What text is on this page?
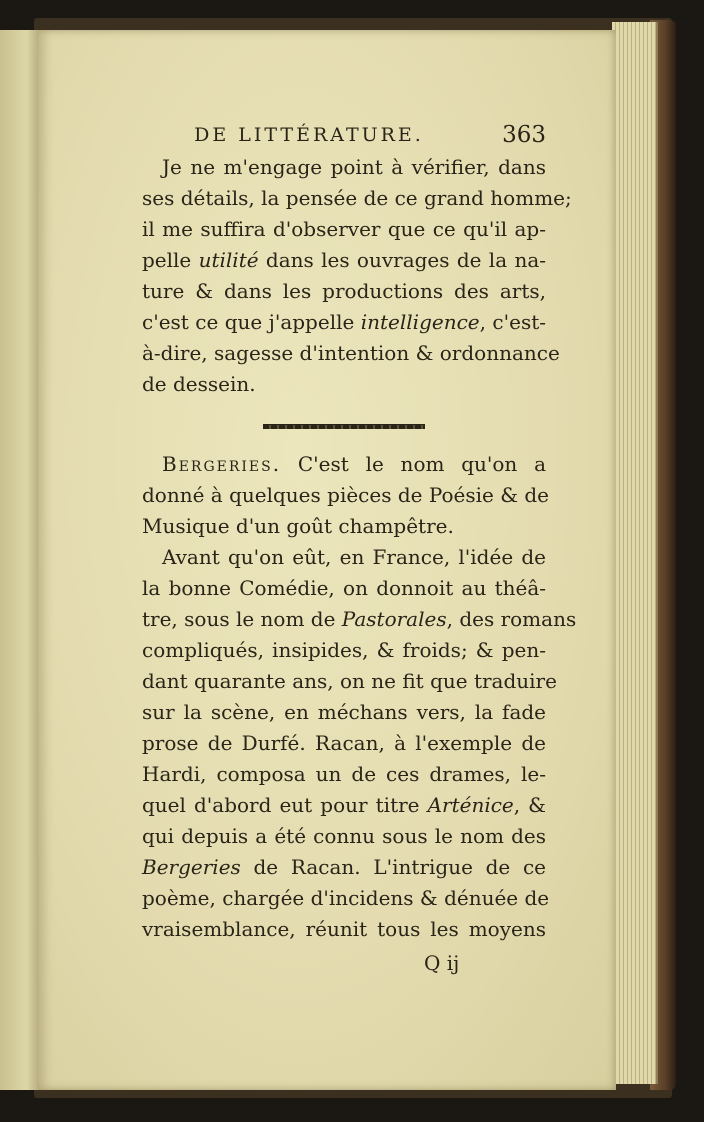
DE LITTÉRATURE.	363
Je ne m'engage point à vérifier, dans
ses détails, la pensée de ce grand homme;
il me suffira d'observer que ce qu'il ap-
pelle utilité dans les ouvrages de la na-
ture & dans les productions des arts,
c'est ce que j'appelle intelligence, c'est-
à-dire, sagesse d'intention & ordonnance
de dessein.
Bergeries. C'est le nom qu'on a
donné à quelques pièces de Poésie & de
Musique d'un goût champêtre.
Avant qu'on eût, en France, l'idée de
la bonne Comédie, on donnoit au théâ-
tre, sous le nom de Pastorales, des romans
compliqués, insipides, & froids; & pen-
dant quarante ans, on ne fit que traduire
sur la scène, en méchans vers, la fade
prose de Durfé. Racan, à l'exemple de
Hardi, composa un de ces drames, le-
quel d'abord eut pour titre Arténice, &
qui depuis a été connu sous le nom des
Bergeries de Racan. L'intrigue de ce
poème, chargée d'incidens & dénuée de
vraisemblance, réunit tous les moyens
Q ij
